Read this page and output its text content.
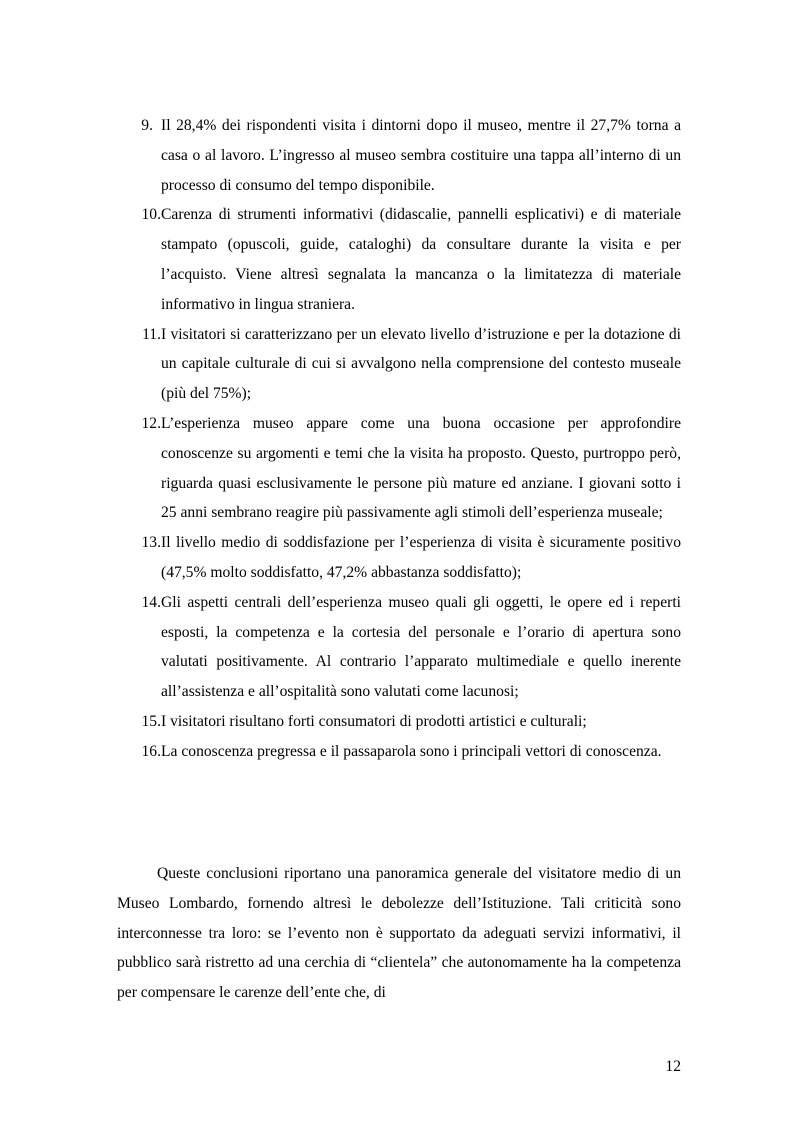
9. Il 28,4% dei rispondenti visita i dintorni dopo il museo, mentre il 27,7% torna a casa o al lavoro. L’ingresso al museo sembra costituire una tappa all’interno di un processo di consumo del tempo disponibile.
10. Carenza di strumenti informativi (didascalie, pannelli esplicativi) e di materiale stampato (opuscoli, guide, cataloghi) da consultare durante la visita e per l’acquisto. Viene altresì segnalata la mancanza o la limitatezza di materiale informativo in lingua straniera.
11. I visitatori si caratterizzano per un elevato livello d’istruzione e per la dotazione di un capitale culturale di cui si avvalgono nella comprensione del contesto museale (più del 75%);
12. L’esperienza museo appare come una buona occasione per approfondire conoscenze su argomenti e temi che la visita ha proposto. Questo, purtroppo però, riguarda quasi esclusivamente le persone più mature ed anziane. I giovani sotto i 25 anni sembrano reagire più passivamente agli stimoli dell’esperienza museale;
13. Il livello medio di soddisfazione per l’esperienza di visita è sicuramente positivo (47,5% molto soddisfatto, 47,2% abbastanza soddisfatto);
14. Gli aspetti centrali dell’esperienza museo quali gli oggetti, le opere ed i reperti esposti, la competenza e la cortesia del personale e l’orario di apertura sono valutati positivamente. Al contrario l’apparato multimediale e quello inerente all’assistenza e all’ospitalità sono valutati come lacunosi;
15. I visitatori risultano forti consumatori di prodotti artistici e culturali;
16. La conoscenza pregressa e il passaparola sono i principali vettori di conoscenza.

Queste conclusioni riportano una panoramica generale del visitatore medio di un Museo Lombardo, fornendo altresì le debolezze dell’Istituzione. Tali criticità sono interconnesse tra loro: se l’evento non è supportato da adeguati servizi informativi, il pubblico sarà ristretto ad una cerchia di “clientela” che autonomamente ha la competenza per compensare le carenze dell’ente che, di

12
